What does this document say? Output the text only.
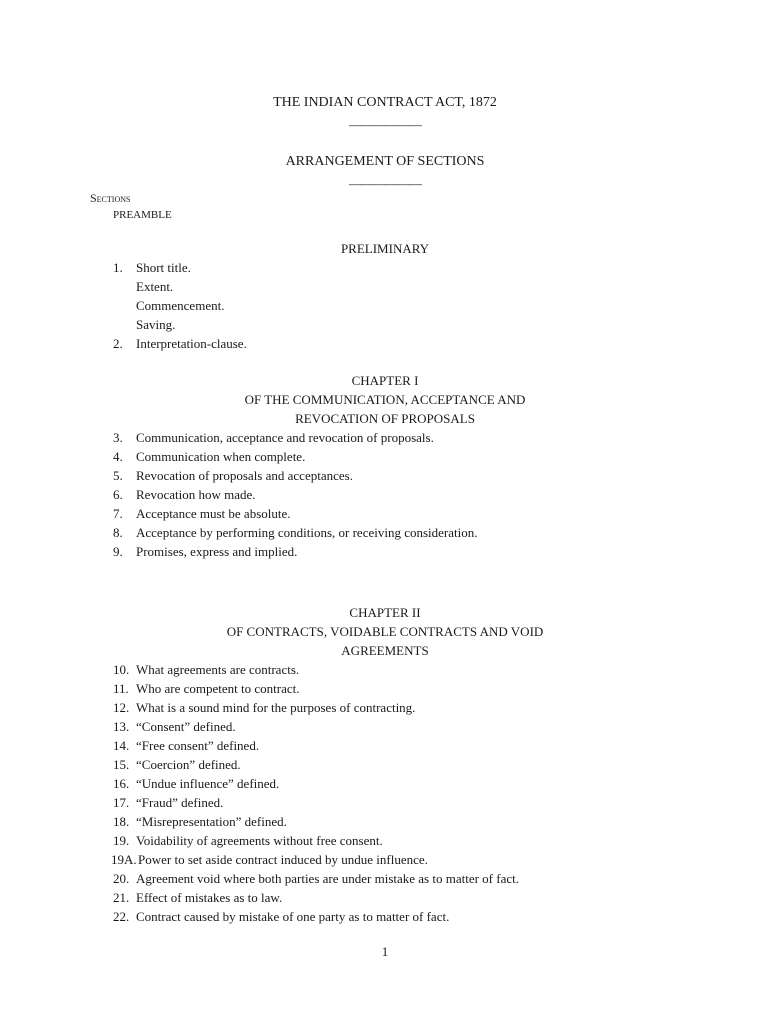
THE INDIAN CONTRACT ACT, 1872
——————
ARRANGEMENT OF SECTIONS
——————
Sections
PREAMBLE
PRELIMINARY
1. Short title.
Extent.
Commencement.
Saving.
2. Interpretation-clause.
CHAPTER I
OF THE COMMUNICATION, ACCEPTANCE AND
REVOCATION OF PROPOSALS
3. Communication, acceptance and revocation of proposals.
4. Communication when complete.
5. Revocation of proposals and acceptances.
6. Revocation how made.
7. Acceptance must be absolute.
8. Acceptance by performing conditions, or receiving consideration.
9. Promises, express and implied.
CHAPTER II
OF CONTRACTS, VOIDABLE CONTRACTS AND VOID
AGREEMENTS
10. What agreements are contracts.
11. Who are competent to contract.
12. What is a sound mind for the purposes of contracting.
13. “Consent” defined.
14. “Free consent” defined.
15. “Coercion” defined.
16. “Undue influence” defined.
17. “Fraud” defined.
18. “Misrepresentation” defined.
19. Voidability of agreements without free consent.
19A. Power to set aside contract induced by undue influence.
20. Agreement void where both parties are under mistake as to matter of fact.
21. Effect of mistakes as to law.
22. Contract caused by mistake of one party as to matter of fact.
1
